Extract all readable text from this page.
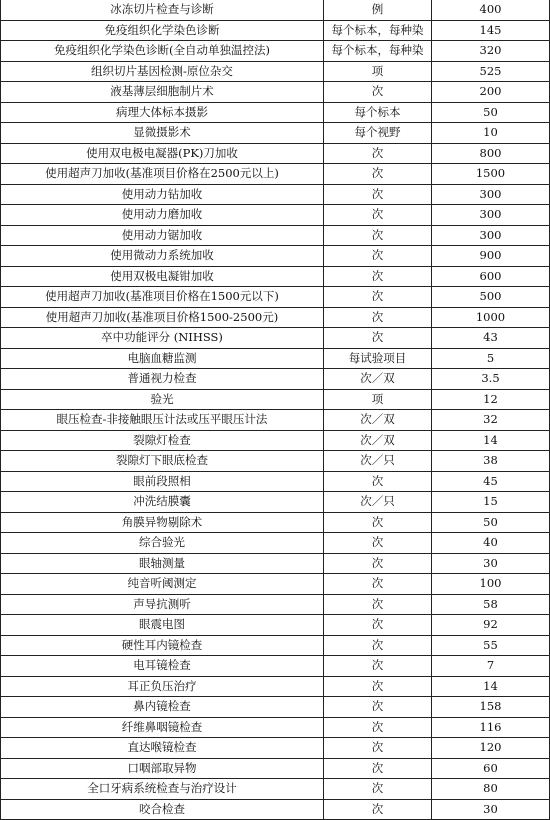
冰冻切片检查与诊断	例	400
免疫组织化学染色诊断	每个标本，每种染	145
免疫组织化学染色诊断(全自动单独温控法)	每个标本，每种染	320
组织切片基因检测-原位杂交	项	525
液基薄层细胞制片术	次	200
病理大体标本摄影	每个标本	50
显微摄影术	每个视野	10
使用双电极电凝器(PK)刀加收	次	800
使用超声刀加收(基准项目价格在2500元以上)	次	1500
使用动力钻加收	次	300
使用动力磨加收	次	300
使用动力锯加收	次	300
使用微动力系统加收	次	900
使用双极电凝钳加收	次	600
使用超声刀加收(基准项目价格在1500元以下)	次	500
使用超声刀加收(基准项目价格1500-2500元)	次	1000
卒中功能评分 (NIHSS)	次	43
电脑血糖监测	每试验项目	5
普通视力检查	次／双	3.5
验光	项	12
眼压检查-非接触眼压计法或压平眼压计法	次／双	32
裂隙灯检查	次／双	14
裂隙灯下眼底检查	次／只	38
眼前段照相	次	45
冲洗结膜囊	次／只	15
角膜异物剔除术	次	50
综合验光	次	40
眼轴测量	次	30
纯音听阈测定	次	100
声导抗测听	次	58
眼震电图	次	92
硬性耳内镜检查	次	55
电耳镜检查	次	7
耳正负压治疗	次	14
鼻内镜检查	次	158
纤维鼻咽镜检查	次	116
直达喉镜检查	次	120
口咽部取异物	次	60
全口牙病系统检查与治疗设计	次	80
咬合检查	次	30
